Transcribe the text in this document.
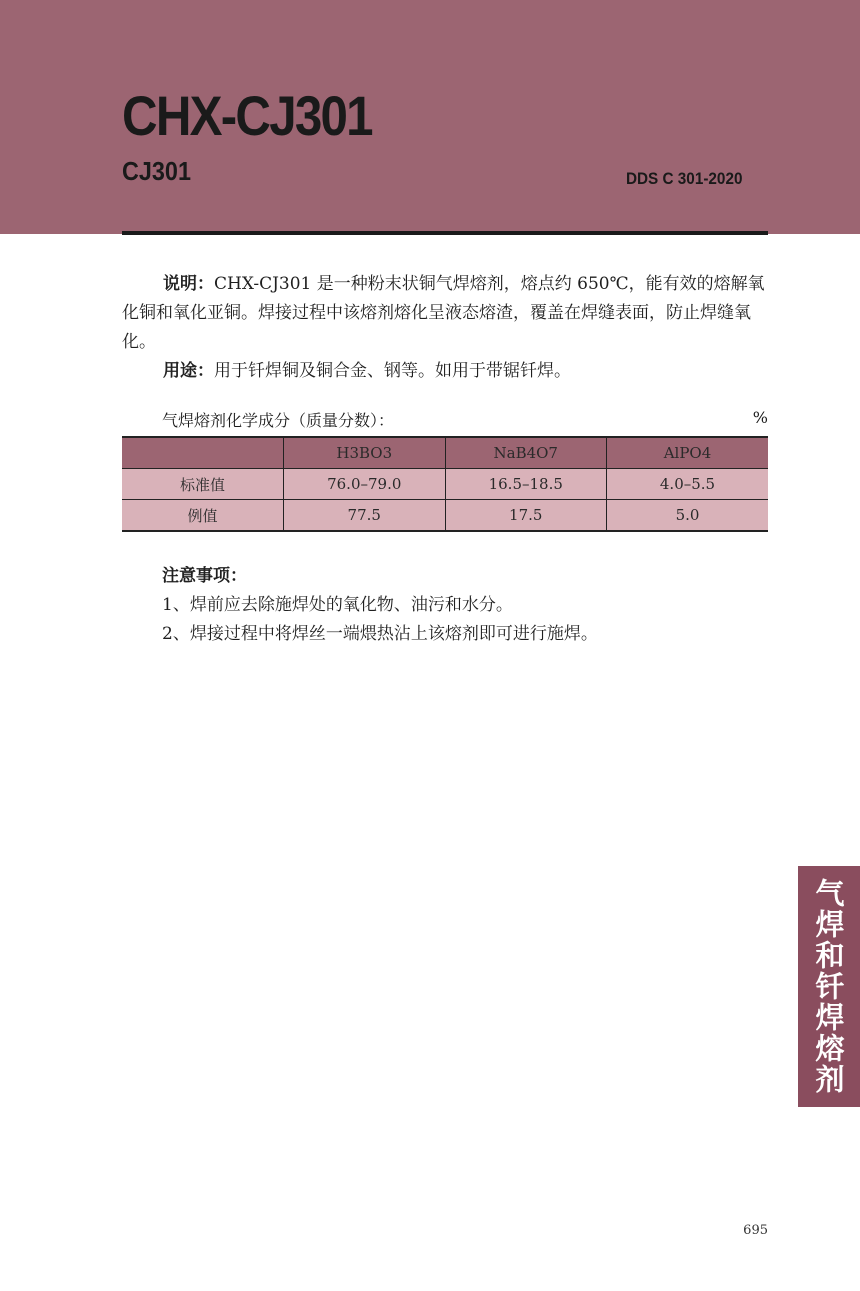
CHX-CJ301
CJ301	DDS C 301-2020

说明：CHX-CJ301 是一种粉末状铜气焊熔剂，熔点约 650℃，能有效的熔解氧化铜和氧化亚铜。焊接过程中该熔剂熔化呈液态熔渣，覆盖在焊缝表面，防止焊缝氧化。

用途：用于钎焊铜及铜合金、钢等。如用于带锯钎焊。

气焊熔剂化学成分（质量分数）：	%
	H3BO3	NaB4O7	AlPO4
标准值	76.0–79.0	16.5–18.5	4.0–5.5
例值	77.5	17.5	5.0
注意事项：
1、焊前应去除施焊处的氧化物、油污和水分。
2、焊接过程中将焊丝一端煨热沾上该熔剂即可进行施焊。
气焊和钎焊熔剂
695
